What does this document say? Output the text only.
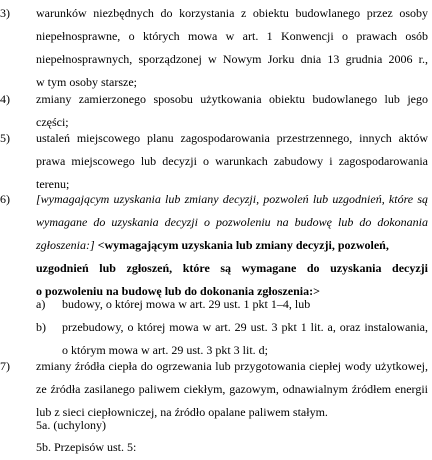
3)	warunków niezbędnych do korzystania z obiektu budowlanego przez osoby
niepełnosprawne, o których mowa w art. 1 Konwencji o prawach osób
niepełnosprawnych, sporządzonej w Nowym Jorku dnia 13 grudnia 2006 r.,
w tym osoby starsze;
4)	zmiany zamierzonego sposobu użytkowania obiektu budowlanego lub jego
części;
5)	ustaleń miejscowego planu zagospodarowania przestrzennego, innych aktów
prawa miejscowego lub decyzji o warunkach zabudowy i zagospodarowania
terenu;
6)	[wymagającym uzyskania lub zmiany decyzji, pozwoleń lub uzgodnień, które są
wymagane do uzyskania decyzji o pozwoleniu na budowę lub do dokonania
zgłoszenia:] <wymagającym uzyskania lub zmiany decyzji, pozwoleń,
uzgodnień lub zgłoszeń, które są wymagane do uzyskania decyzji
o pozwoleniu na budowę lub do dokonania zgłoszenia:>
a)	budowy, o której mowa w art. 29 ust. 1 pkt 1–4, lub
b)	przebudowy, o której mowa w art. 29 ust. 3 pkt 1 lit. a, oraz instalowania,
o którym mowa w art. 29 ust. 3 pkt 3 lit. d;
7)	zmiany źródła ciepła do ogrzewania lub przygotowania ciepłej wody użytkowej,
ze źródła zasilanego paliwem ciekłym, gazowym, odnawialnym źródłem energii
lub z sieci ciepłowniczej, na źródło opalane paliwem stałym.
5a. (uchylony)
5b. Przepisów ust. 5:
